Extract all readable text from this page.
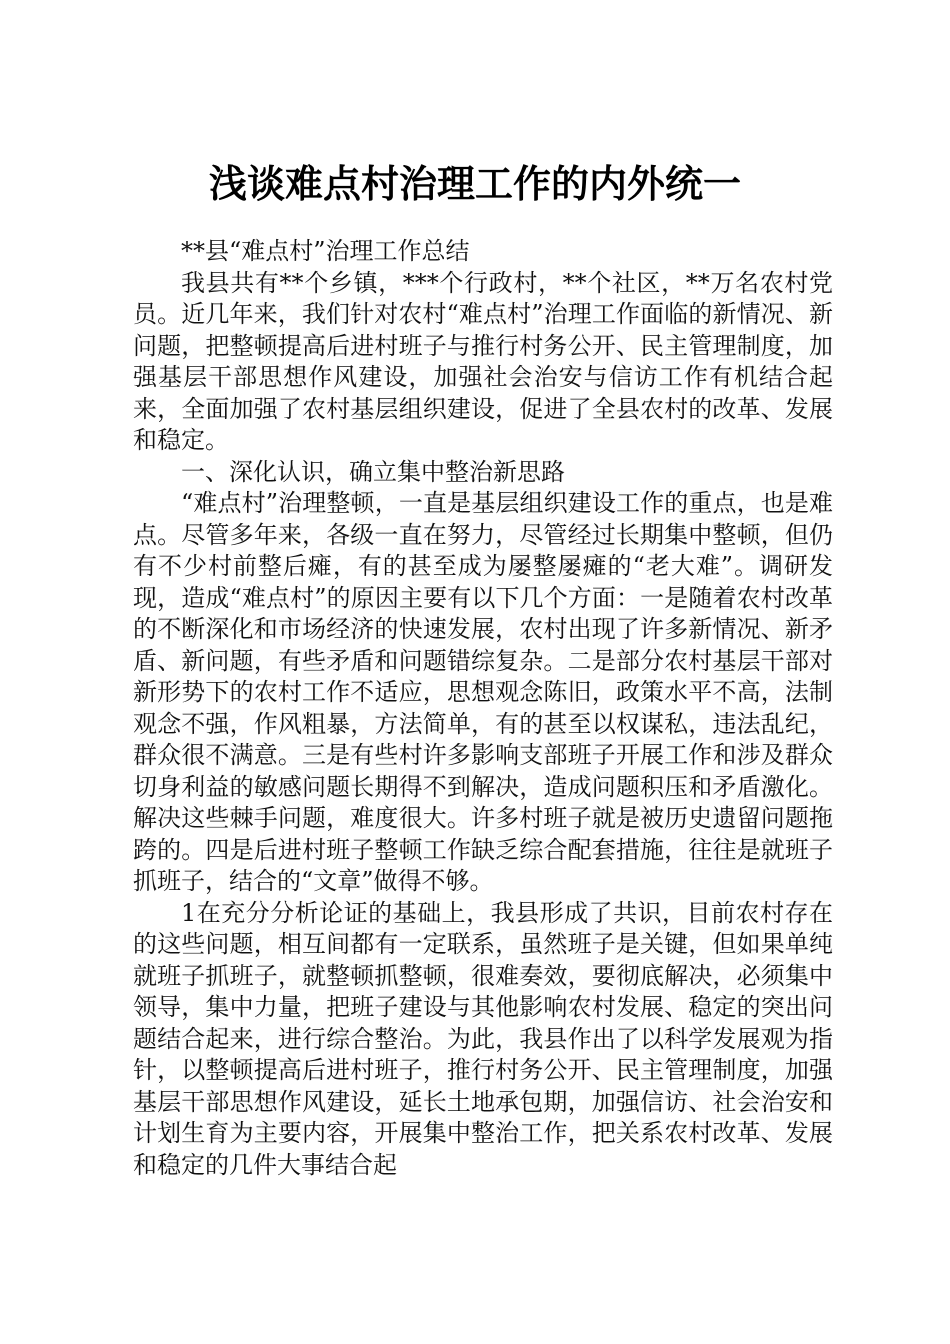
浅谈难点村治理工作的内外统一

**县“难点村”治理工作总结

我县共有**个乡镇，***个行政村，**个社区，**万名农村党员。近几年来，我们针对农村“难点村”治理工作面临的新情况、新问题，把整顿提高后进村班子与推行村务公开、民主管理制度，加强基层干部思想作风建设，加强社会治安与信访工作有机结合起来，全面加强了农村基层组织建设，促进了全县农村的改革、发展和稳定。

一、深化认识，确立集中整治新思路

“难点村”治理整顿，一直是基层组织建设工作的重点，也是难点。尽管多年来，各级一直在努力，尽管经过长期集中整顿，但仍有不少村前整后瘫，有的甚至成为屡整屡瘫的“老大难”。调研发现，造成“难点村”的原因主要有以下几个方面：一是随着农村改革的不断深化和市场经济的快速发展，农村出现了许多新情况、新矛盾、新问题，有些矛盾和问题错综复杂。二是部分农村基层干部对新形势下的农村工作不适应，思想观念陈旧，政策水平不高，法制观念不强，作风粗暴，方法简单，有的甚至以权谋私，违法乱纪，群众很不满意。三是有些村许多影响支部班子开展工作和涉及群众切身利益的敏感问题长期得不到解决，造成问题积压和矛盾激化。解决这些棘手问题，难度很大。许多村班子就是被历史遗留问题拖跨的。四是后进村班子整顿工作缺乏综合配套措施，往往是就班子抓班子，结合的“文章”做得不够。

1在充分分析论证的基础上，我县形成了共识，目前农村存在的这些问题，相互间都有一定联系，虽然班子是关键，但如果单纯就班子抓班子，就整顿抓整顿，很难奏效，要彻底解决，必须集中领导，集中力量，把班子建设与其他影响农村发展、稳定的突出问题结合起来，进行综合整治。为此，我县作出了以科学发展观为指针，以整顿提高后进村班子，推行村务公开、民主管理制度，加强基层干部思想作风建设，延长土地承包期，加强信访、社会治安和计划生育为主要内容，开展集中整治工作，把关系农村改革、发展和稳定的几件大事结合起
